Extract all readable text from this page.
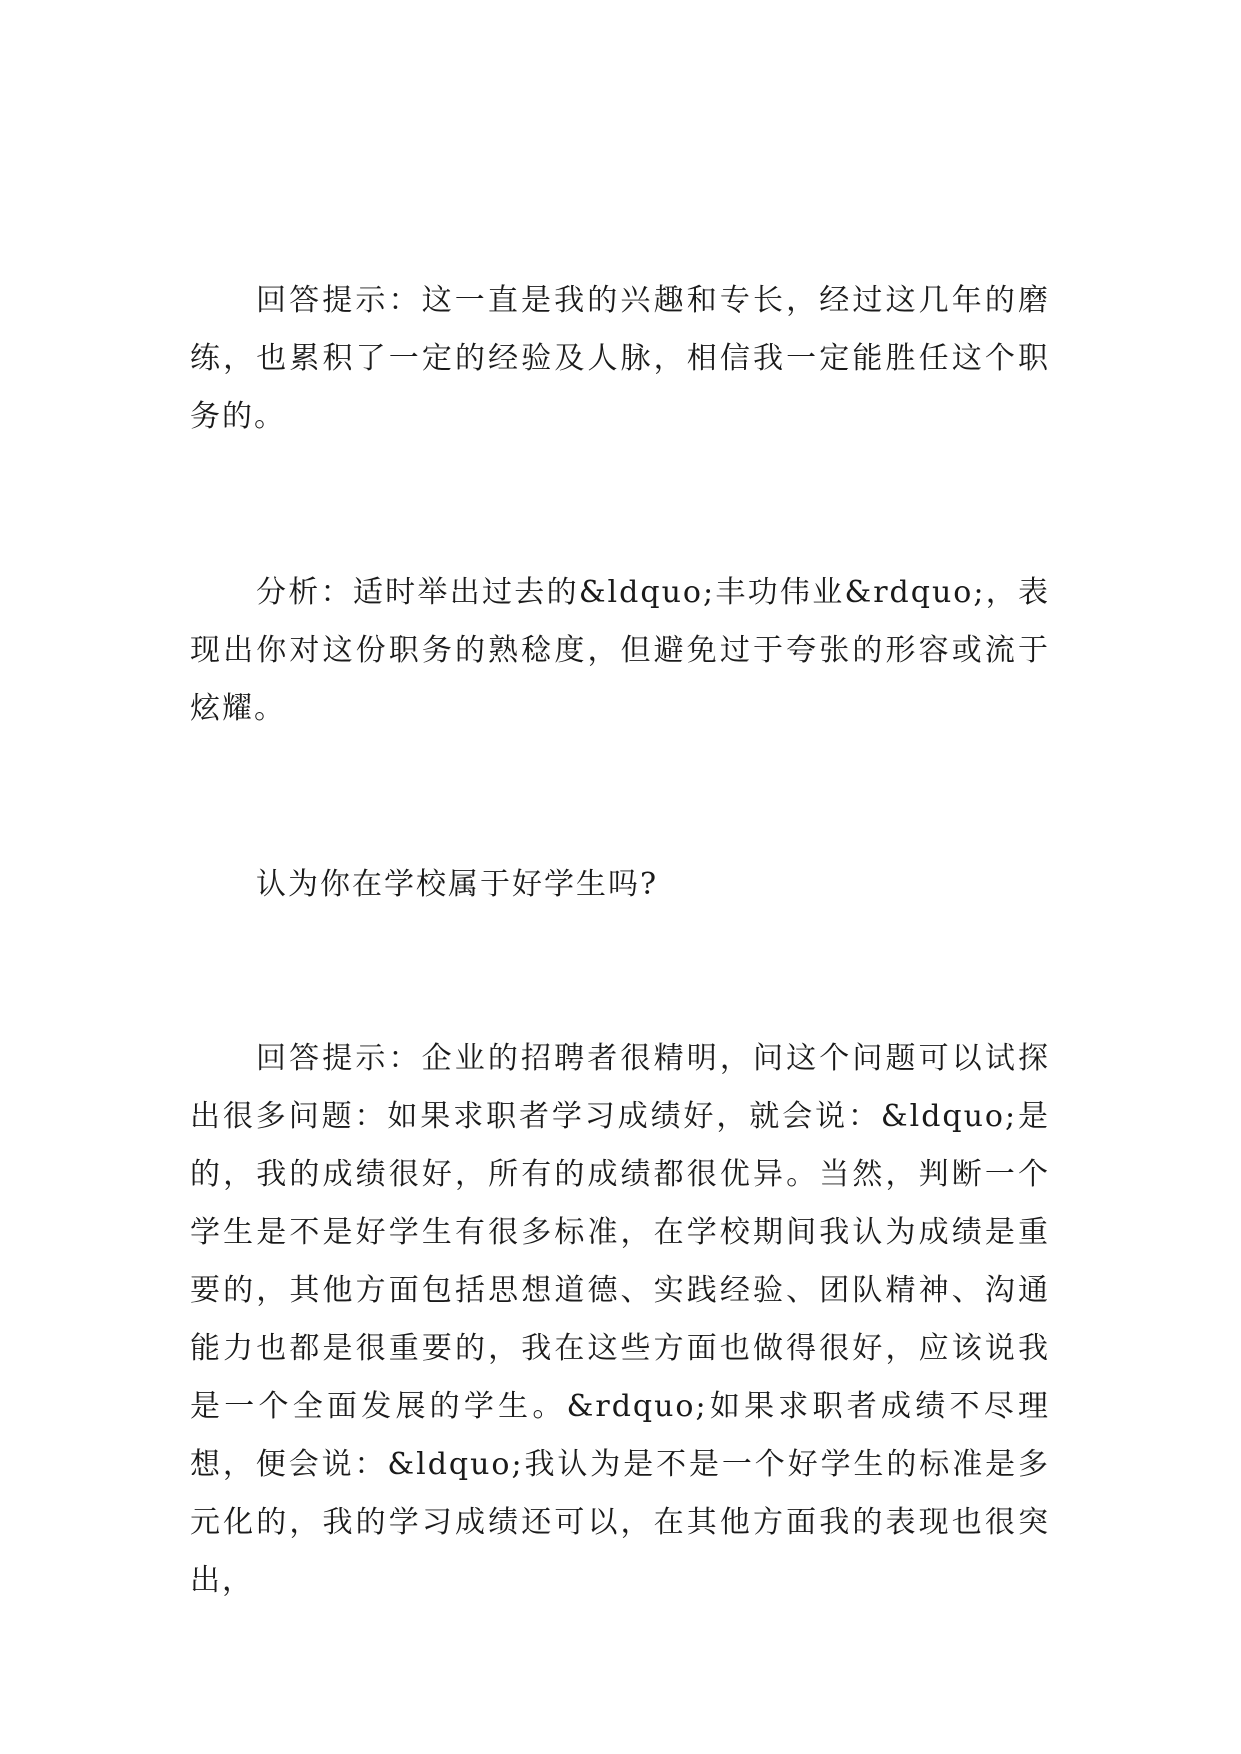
回答提示：这一直是我的兴趣和专长，经过这几年的磨练，也累积了一定的经验及人脉，相信我一定能胜任这个职务的。

分析：适时举出过去的&ldquo;丰功伟业&rdquo;，表现出你对这份职务的熟稔度，但避免过于夸张的形容或流于炫耀。

认为你在学校属于好学生吗?

回答提示：企业的招聘者很精明，问这个问题可以试探出很多问题：如果求职者学习成绩好，就会说：&ldquo;是的，我的成绩很好，所有的成绩都很优异。当然，判断一个学生是不是好学生有很多标准，在学校期间我认为成绩是重要的，其他方面包括思想道德、实践经验、团队精神、沟通能力也都是很重要的，我在这些方面也做得很好，应该说我是一个全面发展的学生。&rdquo;如果求职者成绩不尽理想，便会说：&ldquo;我认为是不是一个好学生的标准是多元化的，我的学习成绩还可以，在其他方面我的表现也很突出，
